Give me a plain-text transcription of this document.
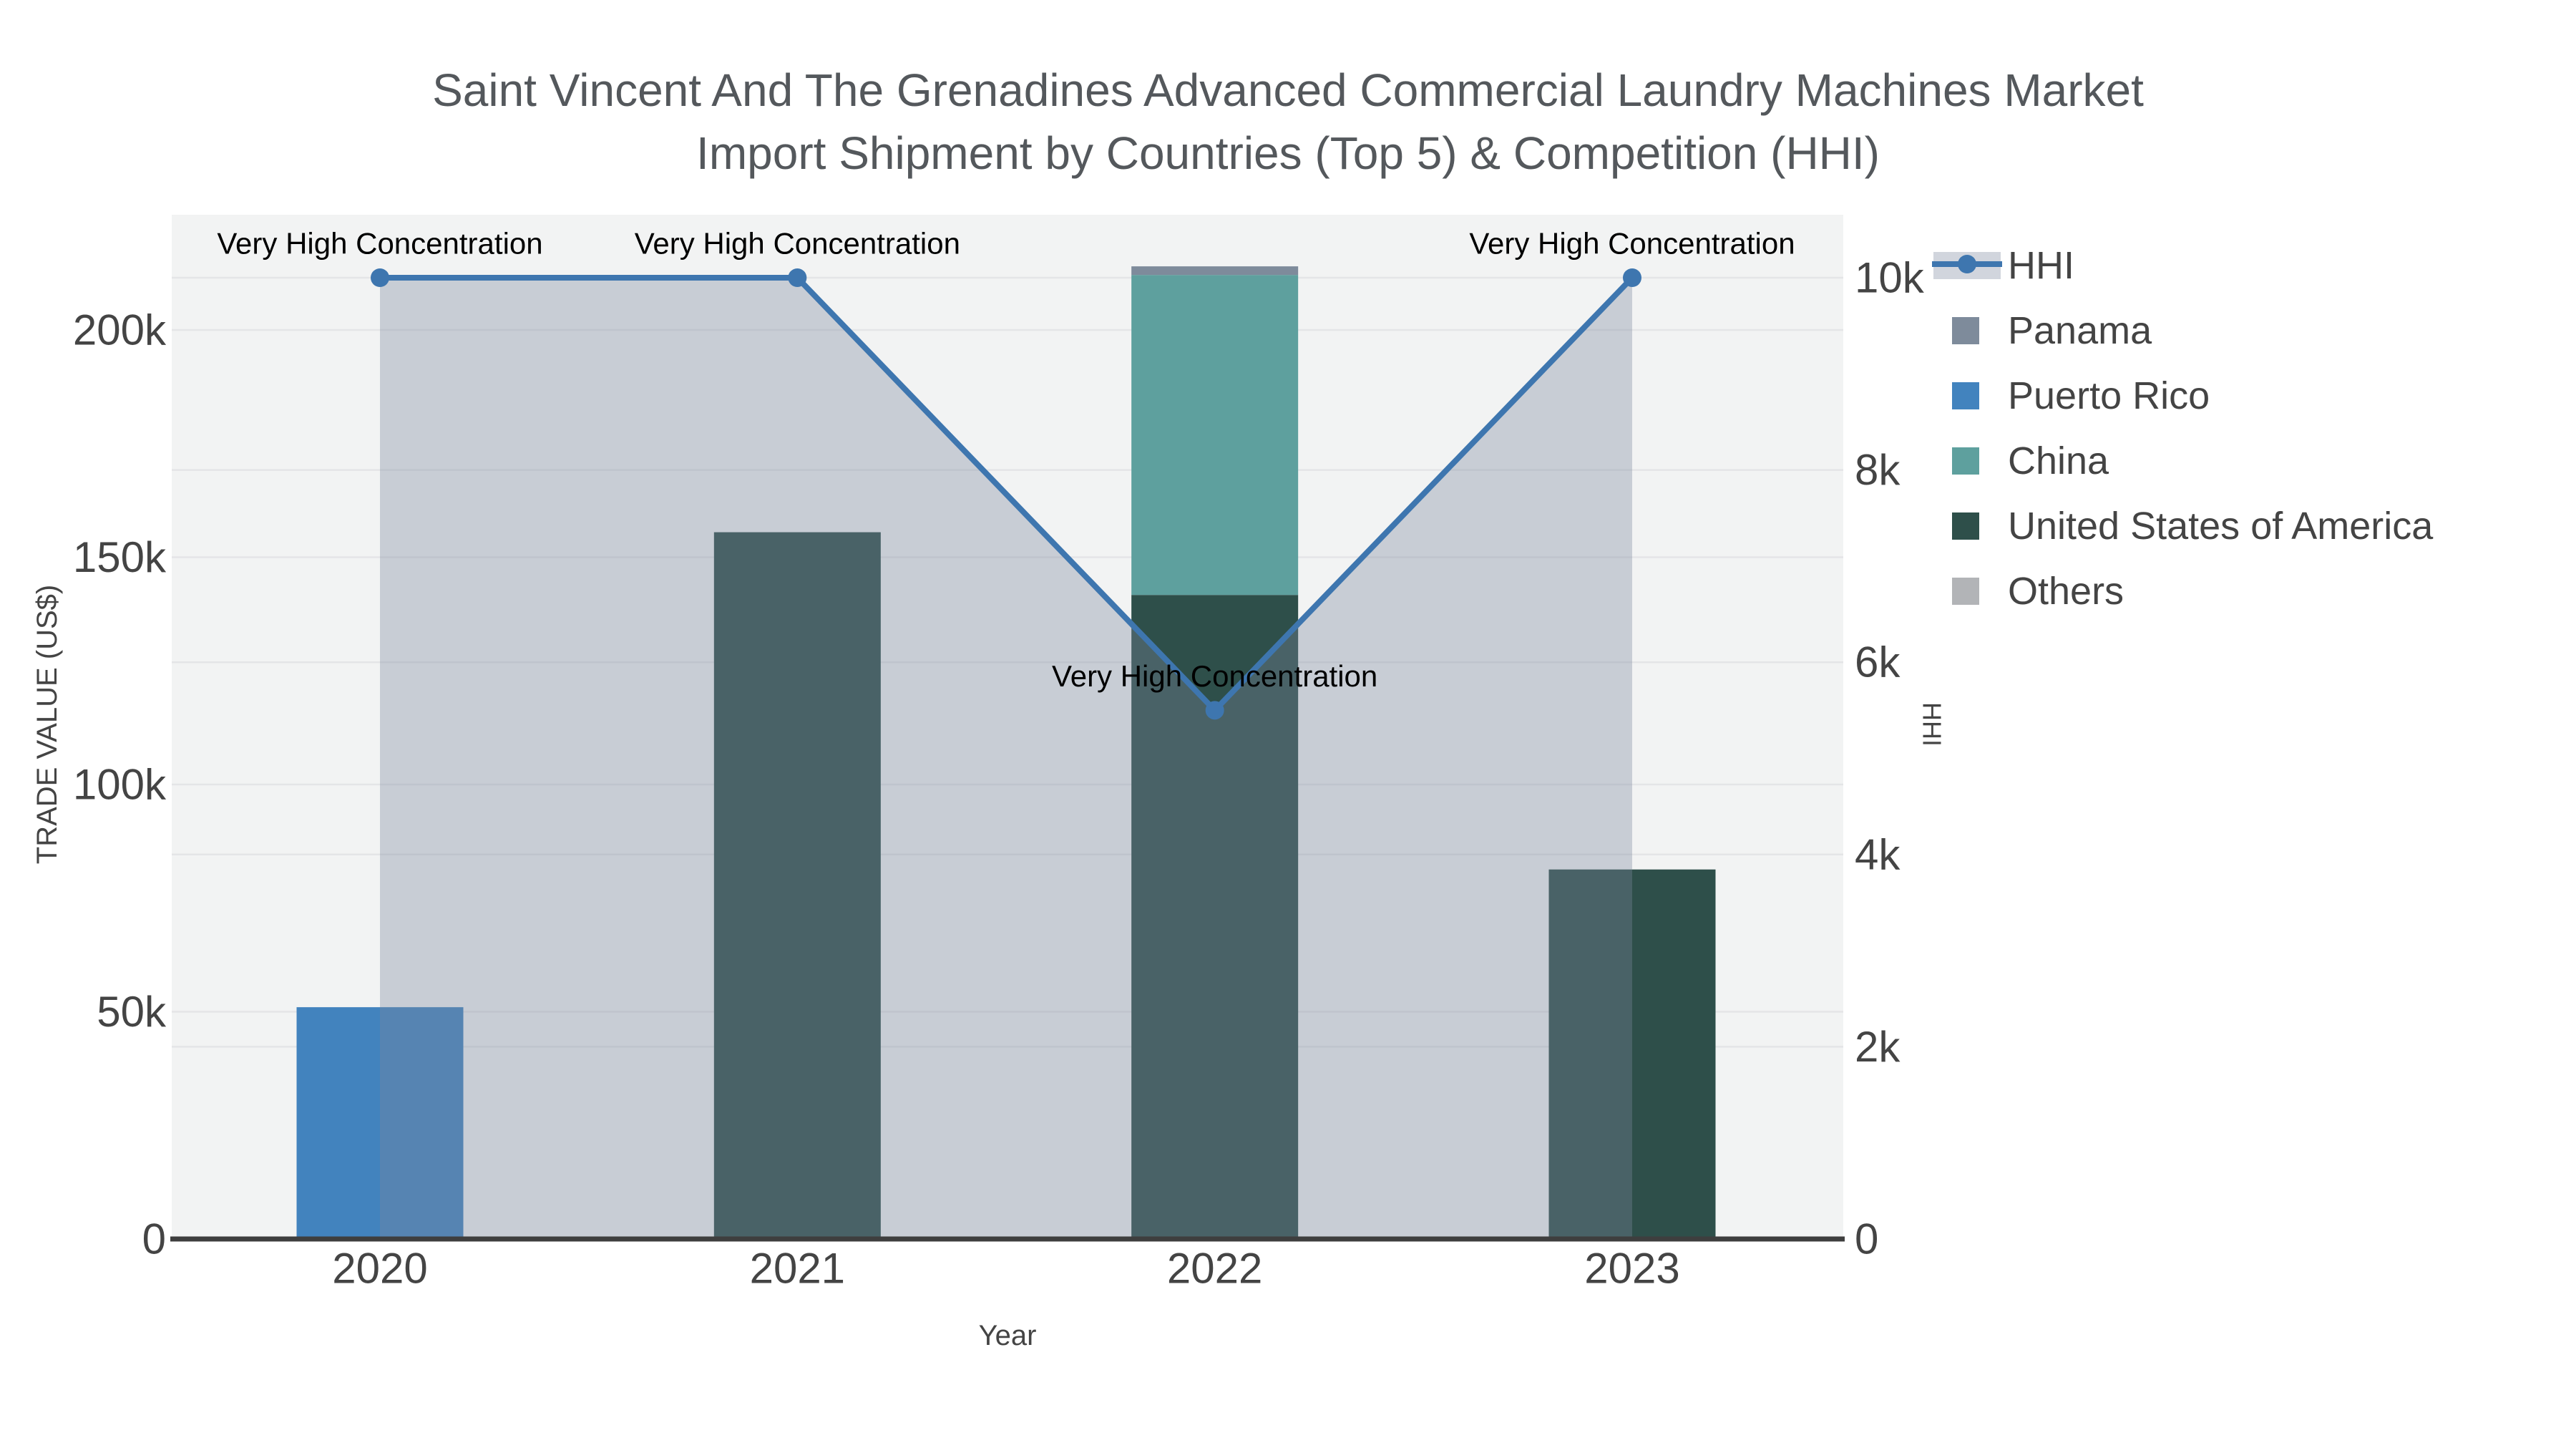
0
50k
100k
150k
200k
0
2k
4k
6k
8k
10k
2020	2021	2022	2023
Very High Concentration	Very High Concentration
Very High Concentration
Very High Concentration
Saint Vincent And The Grenadines Advanced Commercial Laundry Machines Market
Import Shipment by Countries (Top 5) & Competition (HHI)
TRADE VALUE (US$)
Year
HHI
HHI
Panama
Puerto Rico
China
United States of America
Others
